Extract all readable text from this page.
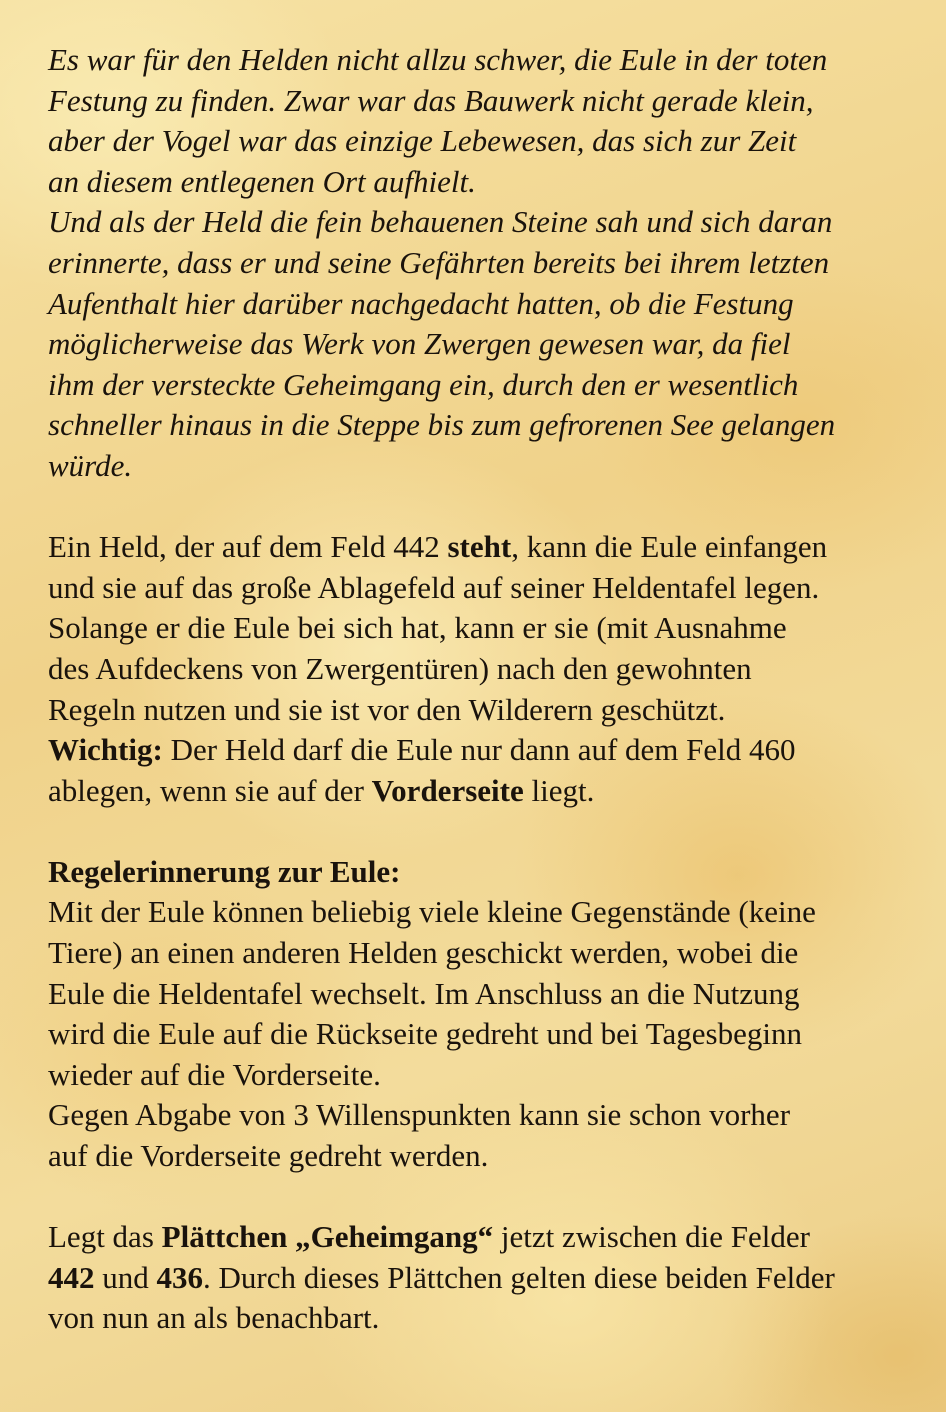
Es war für den Helden nicht allzu schwer, die Eule in der toten
Festung zu finden. Zwar war das Bauwerk nicht gerade klein,
aber der Vogel war das einzige Lebewesen, das sich zur Zeit
an diesem entlegenen Ort aufhielt.
Und als der Held die fein behauenen Steine sah und sich daran
erinnerte, dass er und seine Gefährten bereits bei ihrem letzten
Aufenthalt hier darüber nachgedacht hatten, ob die Festung
möglicherweise das Werk von Zwergen gewesen war, da fiel
ihm der versteckte Geheimgang ein, durch den er wesentlich
schneller hinaus in die Steppe bis zum gefrorenen See gelangen
würde.
Ein Held, der auf dem Feld 442 steht, kann die Eule einfangen
und sie auf das große Ablagefeld auf seiner Heldentafel legen.
Solange er die Eule bei sich hat, kann er sie (mit Ausnahme
des Aufdeckens von Zwergentüren) nach den gewohnten
Regeln nutzen und sie ist vor den Wilderern geschützt.
Wichtig: Der Held darf die Eule nur dann auf dem Feld 460
ablegen, wenn sie auf der Vorderseite liegt.
Regelerinnerung zur Eule:
Mit der Eule können beliebig viele kleine Gegenstände (keine
Tiere) an einen anderen Helden geschickt werden, wobei die
Eule die Heldentafel wechselt. Im Anschluss an die Nutzung
wird die Eule auf die Rückseite gedreht und bei Tagesbeginn
wieder auf die Vorderseite.
Gegen Abgabe von 3 Willenspunkten kann sie schon vorher
auf die Vorderseite gedreht werden.
Legt das Plättchen „Geheimgang“ jetzt zwischen die Felder
442 und 436. Durch dieses Plättchen gelten diese beiden Felder
von nun an als benachbart.
